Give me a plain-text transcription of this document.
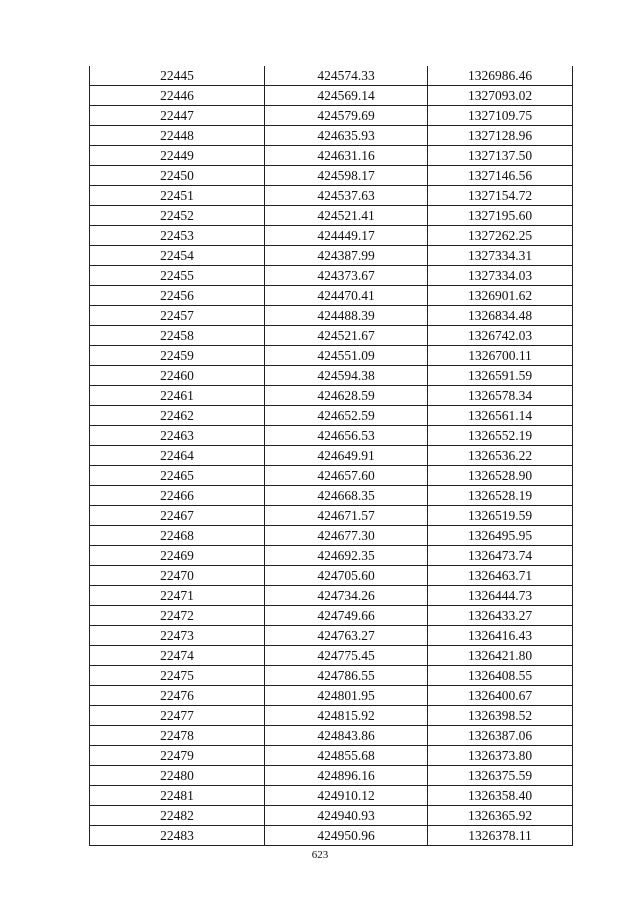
22445	424574.33	1326986.46
22446	424569.14	1327093.02
22447	424579.69	1327109.75
22448	424635.93	1327128.96
22449	424631.16	1327137.50
22450	424598.17	1327146.56
22451	424537.63	1327154.72
22452	424521.41	1327195.60
22453	424449.17	1327262.25
22454	424387.99	1327334.31
22455	424373.67	1327334.03
22456	424470.41	1326901.62
22457	424488.39	1326834.48
22458	424521.67	1326742.03
22459	424551.09	1326700.11
22460	424594.38	1326591.59
22461	424628.59	1326578.34
22462	424652.59	1326561.14
22463	424656.53	1326552.19
22464	424649.91	1326536.22
22465	424657.60	1326528.90
22466	424668.35	1326528.19
22467	424671.57	1326519.59
22468	424677.30	1326495.95
22469	424692.35	1326473.74
22470	424705.60	1326463.71
22471	424734.26	1326444.73
22472	424749.66	1326433.27
22473	424763.27	1326416.43
22474	424775.45	1326421.80
22475	424786.55	1326408.55
22476	424801.95	1326400.67
22477	424815.92	1326398.52
22478	424843.86	1326387.06
22479	424855.68	1326373.80
22480	424896.16	1326375.59
22481	424910.12	1326358.40
22482	424940.93	1326365.92
22483	424950.96	1326378.11
623
